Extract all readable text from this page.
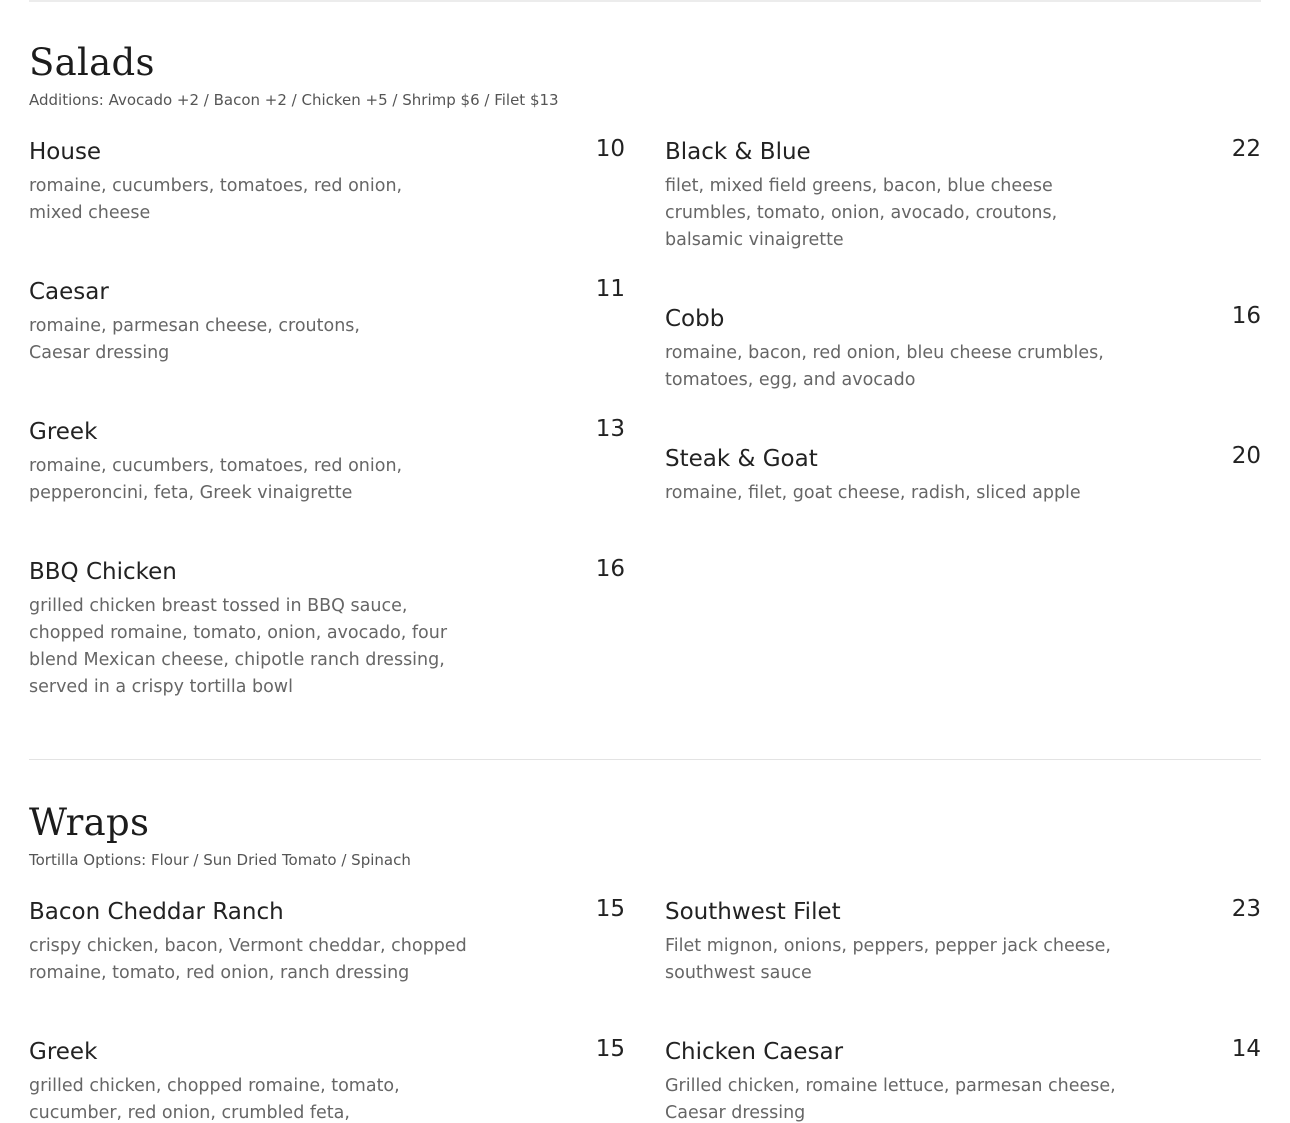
Salads

Additions: Avocado +2 / Bacon +2 / Chicken +5 / Shrimp $6 / Filet $13

House	10
romaine, cucumbers, tomatoes, red onion,
mixed cheese
Caesar	11
romaine, parmesan cheese, croutons,
Caesar dressing
Greek	13
romaine, cucumbers, tomatoes, red onion,
pepperoncini, feta, Greek vinaigrette
BBQ Chicken	16
grilled chicken breast tossed in BBQ sauce,
chopped romaine, tomato, onion, avocado, four
blend Mexican cheese, chipotle ranch dressing,
served in a crispy tortilla bowl
Black & Blue	22
filet, mixed field greens, bacon, blue cheese
crumbles, tomato, onion, avocado, croutons,
balsamic vinaigrette
Cobb	16
romaine, bacon, red onion, bleu cheese crumbles,
tomatoes, egg, and avocado
Steak & Goat	20
romaine, filet, goat cheese, radish, sliced apple
Wraps

Tortilla Options: Flour / Sun Dried Tomato / Spinach

Bacon Cheddar Ranch	15
crispy chicken, bacon, Vermont cheddar, chopped
romaine, tomato, red onion, ranch dressing
Greek	15
grilled chicken, chopped romaine, tomato,
cucumber, red onion, crumbled feta,
Southwest Filet	23
Filet mignon, onions, peppers, pepper jack cheese,
southwest sauce
Chicken Caesar	14
Grilled chicken, romaine lettuce, parmesan cheese,
Caesar dressing
